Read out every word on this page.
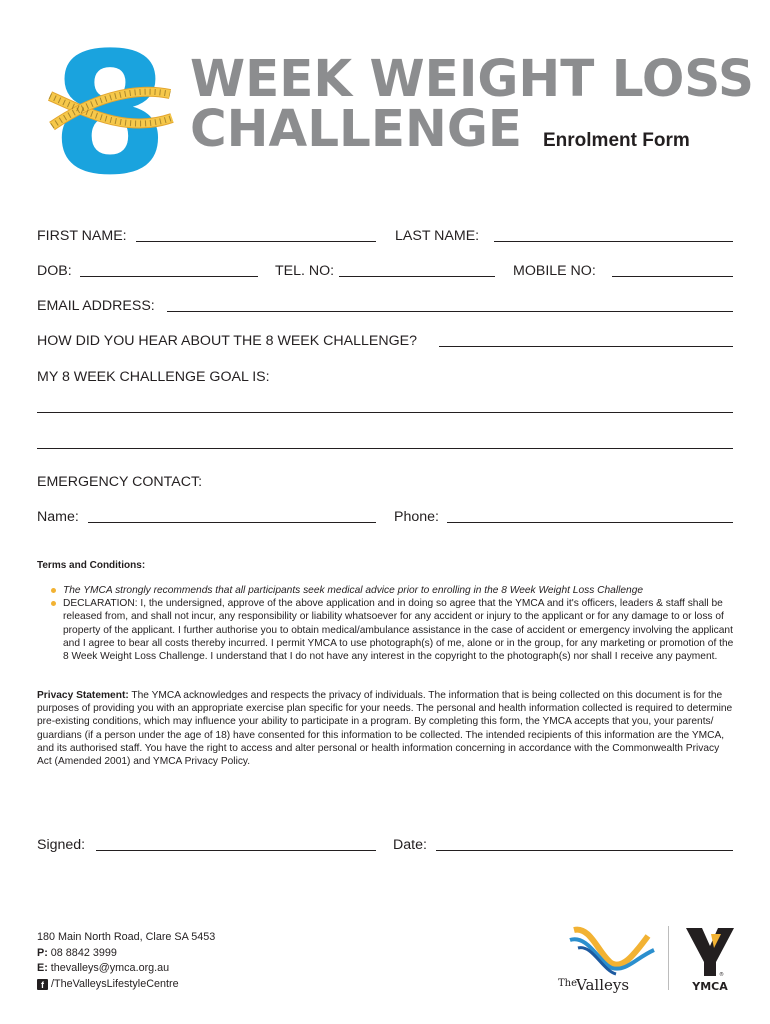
8 WEEK WEIGHT LOSS
CHALLENGE Enrolment Form
FIRST NAME:	LAST NAME:
DOB:	TEL. NO:	MOBILE NO:
EMAIL ADDRESS:
HOW DID YOU HEAR ABOUT THE 8 WEEK CHALLENGE?
MY 8 WEEK CHALLENGE GOAL IS:
EMERGENCY CONTACT:
Name:	Phone:
Terms and Conditions:
The YMCA strongly recommends that all participants seek medical advice prior to enrolling in the 8 Week Weight Loss Challenge
DECLARATION: I, the undersigned, approve of the above application and in doing so agree that the YMCA and it's officers, leaders & staff shall be released from, and shall not incur, any responsibility or liability whatsoever for any accident or injury to the applicant or for any damage to or loss of property of the applicant. I further authorise you to obtain medical/ambulance assistance in the case of accident or emergency involving the applicant and I agree to bear all costs thereby incurred. I permit YMCA to use photograph(s) of me, alone or in the group, for any marketing or promotion of the 8 Week Weight Loss Challenge. I understand that I do not have any interest in the copyright to the photograph(s) nor shall I receive any payment.
Privacy Statement: The YMCA acknowledges and respects the privacy of individuals. The information that is being collected on this document is for the purposes of providing you with an appropriate exercise plan specific for your needs. The personal and health information collected is required to determine pre-existing conditions, which may influence your ability to participate in a program. By completing this form, the YMCA accepts that you, your parents/ guardians (if a person under the age of 18) have consented for this information to be collected. The intended recipients of this information are the YMCA, and its authorised staff. You have the right to access and alter personal or health information concerning in accordance with the Commonwealth Privacy Act (Amended 2001) and YMCA Privacy Policy.
Signed:	Date:
180 Main North Road, Clare SA 5453
P: 08 8842 3999
E: thevalleys@ymca.org.au
f /TheValleysLifestyleCentre	The
Valleys
®
YMCA
